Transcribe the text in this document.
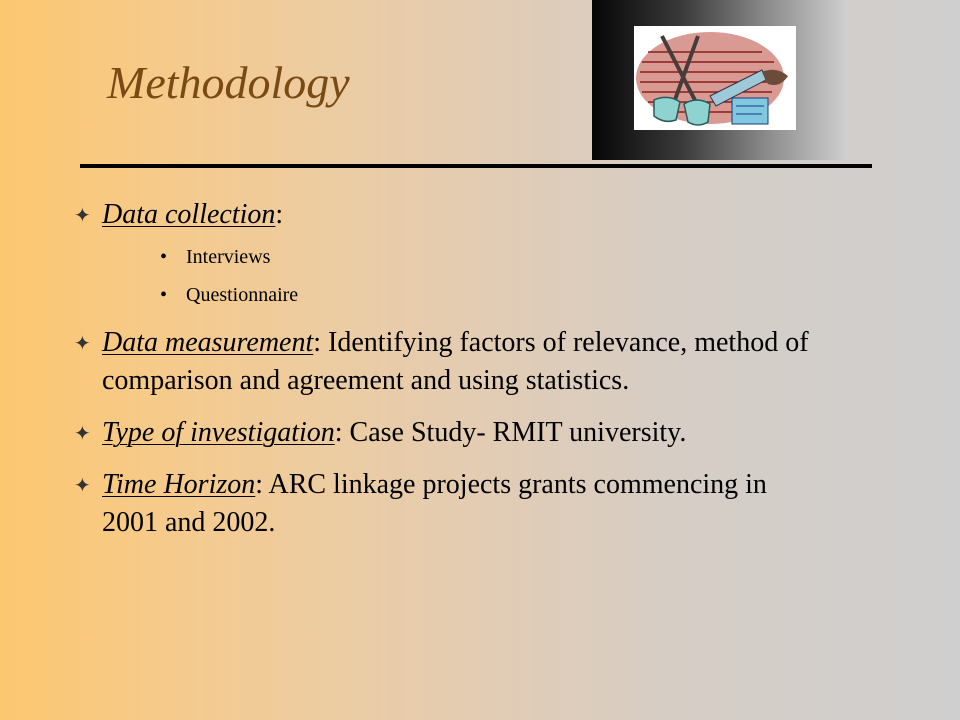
Methodology
✦ Data collection:
• Interviews
• Questionnaire
✦ Data measurement: Identifying factors of relevance, method of comparison and agreement and using statistics.
✦ Type of investigation: Case Study- RMIT university.
✦ Time Horizon: ARC linkage projects grants commencing in 2001 and 2002.
